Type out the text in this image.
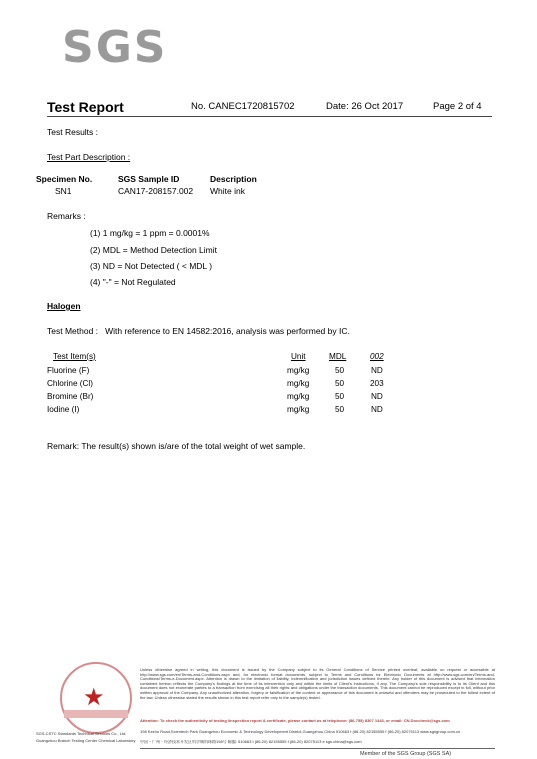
SGS
Test Report	No. CANEC1720815702	Date: 26 Oct 2017	Page 2 of 4
Test Results :
Test Part Description :
Specimen No.	SGS Sample ID	Description
SN1	CAN17-208157.002 White ink
Remarks :
(1) 1 mg/kg = 1 ppm = 0.0001%
(2) MDL = Method Detection Limit
(3) ND = Not Detected ( < MDL )
(4) "-" = Not Regulated
Halogen
Test Method :   With reference to EN 14582:2016, analysis was performed by IC.
Test Item(s)	Unit	MDL	002
Fluorine (F)	mg/kg	50	ND
Chlorine (Cl)	mg/kg	50	203
Bromine (Br)	mg/kg	50	ND
Iodine (I)	mg/kg	50	ND
Remark: The result(s) shown is/are of the total weight of wet sample.
★
Unless otherwise agreed in writing, this document is issued by the Company subject to its General Conditions of Service printed overleaf, available on request or accessible at http://www.sgs.com/en/Terms-and-Conditions.aspx and, for electronic format documents, subject to Terms and Conditions for Electronic Documents at http://www.sgs.com/en/Terms-and-Conditions/Terms-e-Document.aspx. Attention is drawn to the limitation of liability, indemnification and jurisdiction issues defined therein. Any holder of this document is advised that information contained hereon reflects the Company's findings at the time of its intervention only and within the limits of Client's instructions, if any. The Company's sole responsibility is to its Client and this document does not exonerate parties to a transaction from exercising all their rights and obligations under the transaction documents. This document cannot be reproduced except in full, without prior written approval of the Company. Any unauthorized alteration, forgery or falsification of the content or appearance of this document is unlawful and offenders may be prosecuted to the fullest extent of the law. Unless otherwise stated the results shown in this test report refer only to the sample(s) tested.
Attention: To check the authenticity of testing /inspection report & certificate, please contact us at telephone: (86-755) 8307 1443, or email: CN.Doccheck@sgs.com
198 Kezhu Road,Scientech Park Guangzhou Economic & Technology Development District,Guangzhou,China 510663 t (86-20) 82155555 f (86-20) 82075113 www.sgsgroup.com.cn
中国・广州・经济技术开发区科学城科珠路198号 邮编: 510663 t (86-20) 82155555 f (86-20) 82075113 e sgs.china@sgs.com
SGS-CSTC Standards Technical Services Co., Ltd.
Guangzhou Branch Testing Center Chemical Laboratory
Member of the SGS Group (SGS SA)
